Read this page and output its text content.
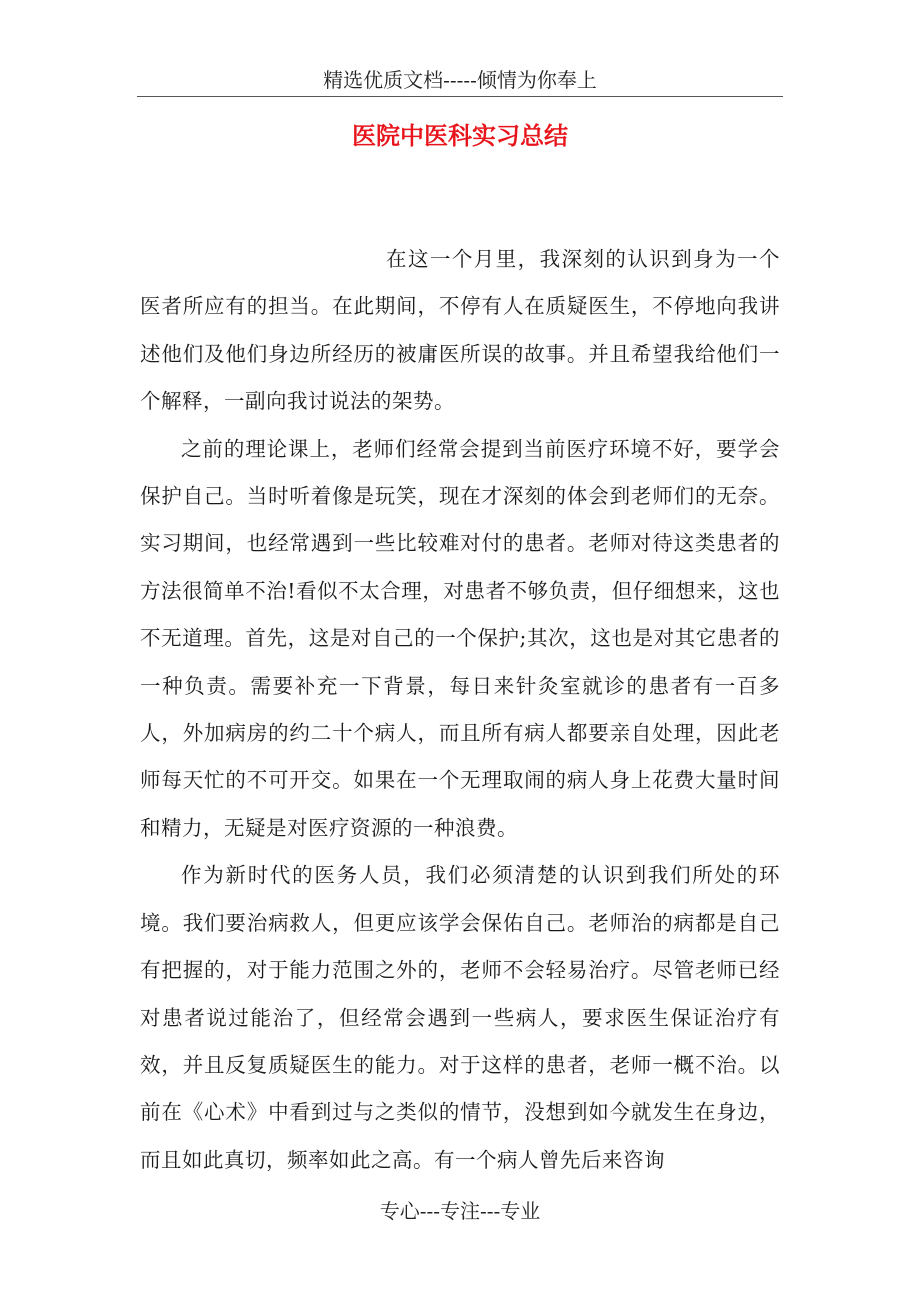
精选优质文档-----倾情为你奉上
医院中医科实习总结

在这一个月里，我深刻的认识到身为一个医者所应有的担当。在此期间，不停有人在质疑医生，不停地向我讲述他们及他们身边所经历的被庸医所误的故事。并且希望我给他们一个解释，一副向我讨说法的架势。

之前的理论课上，老师们经常会提到当前医疗环境不好，要学会保护自己。当时听着像是玩笑，现在才深刻的体会到老师们的无奈。实习期间，也经常遇到一些比较难对付的患者。老师对待这类患者的方法很简单不治!看似不太合理，对患者不够负责，但仔细想来，这也不无道理。首先，这是对自己的一个保护;其次，这也是对其它患者的一种负责。需要补充一下背景，每日来针灸室就诊的患者有一百多人，外加病房的约二十个病人，而且所有病人都要亲自处理，因此老师每天忙的不可开交。如果在一个无理取闹的病人身上花费大量时间和精力，无疑是对医疗资源的一种浪费。

作为新时代的医务人员，我们必须清楚的认识到我们所处的环境。我们要治病救人，但更应该学会保佑自己。老师治的病都是自己有把握的，对于能力范围之外的，老师不会轻易治疗。尽管老师已经对患者说过能治了，但经常会遇到一些病人，要求医生保证治疗有效，并且反复质疑医生的能力。对于这样的患者，老师一概不治。以前在《心术》中看到过与之类似的情节，没想到如今就发生在身边，而且如此真切，频率如此之高。有一个病人曾先后来咨询

专心---专注---专业
